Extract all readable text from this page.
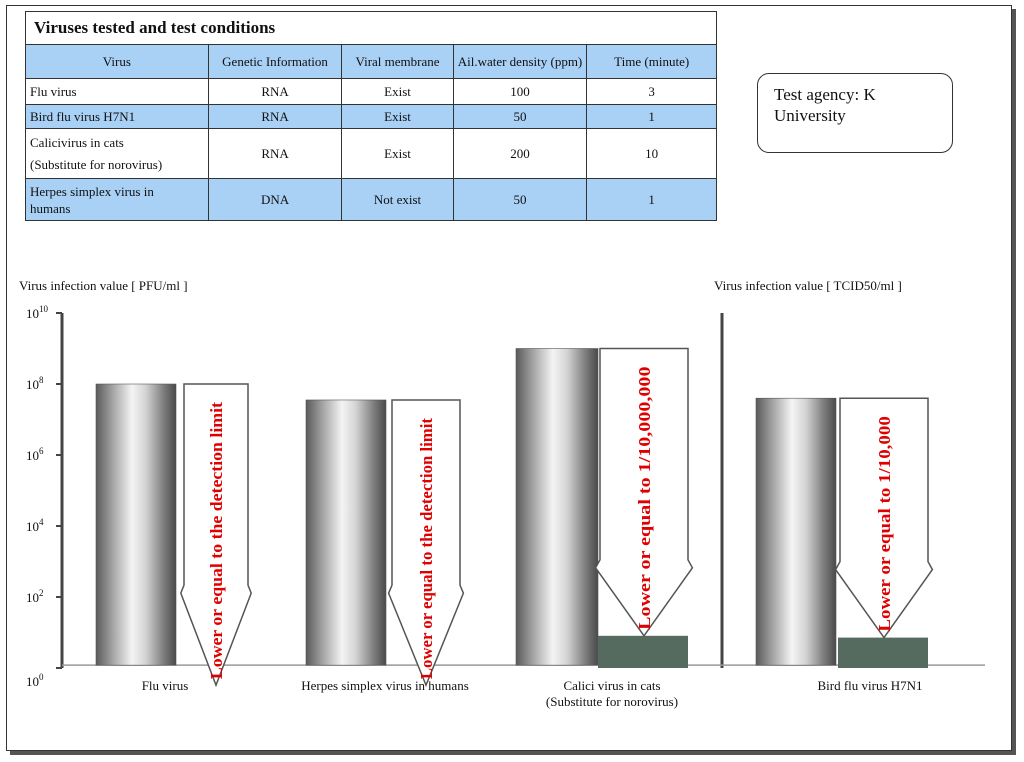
Viruses tested and test conditions				
Virus	Genetic Information	Viral membrane	Ail.water density (ppm)	Time (minute)
Flu virus	RNA	Exist	100	3
Bird flu virus H7N1	RNA	Exist	50	1
Calicivirus in cats
(Substitute for norovirus)	RNA	Exist	200	10
Herpes simplex virus in
humans	DNA	Not exist	50	1
Test agency: K University
Virus infection value [ PFU/ml ]	Virus infection value [ TCID50/ml ]
$10^{10}$
$10^8$
$10^6$
$10^4$
$10^2$
$10^0$	Lower or equal to the detection limit
Flu virus
Lower or equal to the detection limit
Herpes simplex virus in humans
Lower or equal to 1/10,000,000
Calici virus in cats
(Substitute for norovirus)
Lower or equal to 1/10,000
Bird flu virus H7N1
